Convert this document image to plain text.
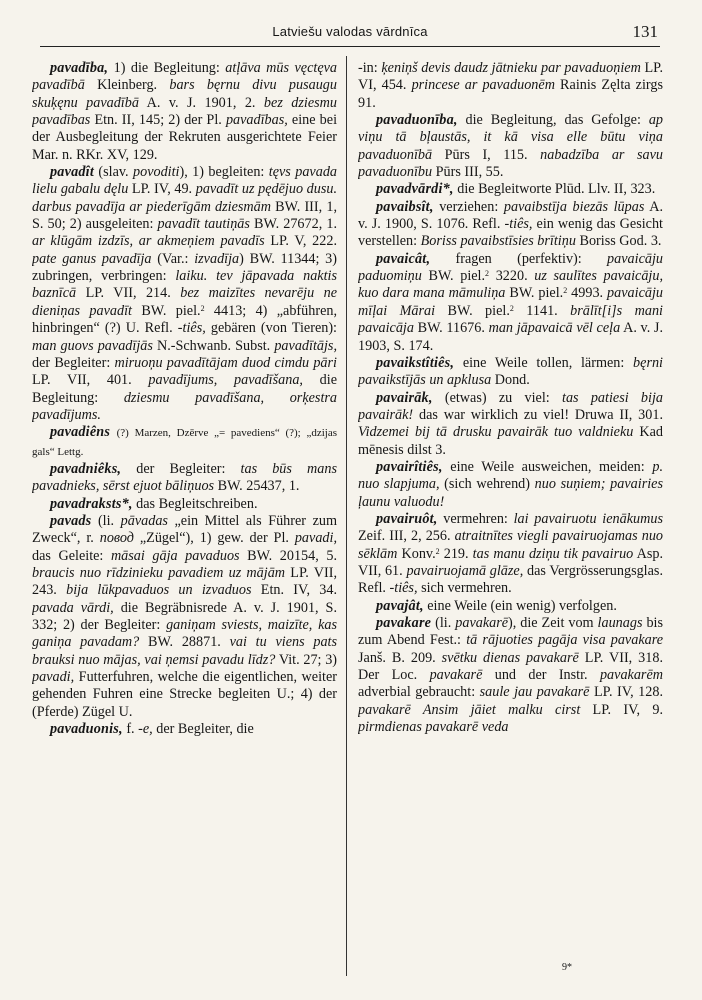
Latviešu valodas vārdnīca	131

pavadība, 1) die Begleitung: atļāva mūs vęctęva pavadībā Kleinberg. bars bęrnu divu pusaugu skuķęnu pavadībā A. v. J. 1901, 2. bez dziesmu pavadības Etn. II, 145; 2) der Pl. pavadības, eine bei der Ausbegleitung der Rekruten ausgerichtete Feier Mar. n. RKr. XV, 129.

pavadît (slav. povoditi), 1) begleiten: tęvs pavada lielu gabalu dęlu LP. IV, 49. pavadīt uz pędējuo dusu. darbus pavadīja ar piederīgām dziesmām BW. III, 1, S. 50; 2) ausgeleiten: pavadīt tautiņās BW. 27672, 1. ar klūgām izdzīs, ar akmeņiem pavadīs LP. V, 222. pate ganus pavadīja (Var.: izvadīja) BW. 11344; 3) zubringen, verbringen: laiku. tev jāpavada naktis baznīcā LP. VII, 214. bez maizītes nevarēju ne dieniņas pavadīt BW. piel.$^2$ 4413; 4) „abführen, hinbringen“ (?) U. Refl. -tiês, gebären (von Tieren): man guovs pavadījās N.-Schwanb. Subst. pavadītājs, der Begleiter: miruoņu pavadītājam duod cimdu pāri LP. VII, 401. pavadījums, pavadīšana, die Begleitung: dziesmu pavadīšana, orķestra pavadījums.

pavadiêns (?) Marzen, Dzērve „= pavediens“ (?); „dzijas gals“ Lettg.

pavadniêks, der Begleiter: tas būs mans pavadnieks, sērst ejuot bāliņuos BW. 25437, 1.

pavadraksts*, das Begleitschreiben.

pavads (li. pāvadas „ein Mittel als Führer zum Zweck“, r. повод „Zügel“), 1) gew. der Pl. pavadi, das Geleite: māsai gāja pavaduos BW. 20154, 5. braucis nuo rīdzinieku pavadiem uz mājām LP. VII, 243. bija lūkpavaduos un izvaduos Etn. IV, 34. pavada vārdi, die Begräbnisrede A. v. J. 1901, S. 332; 2) der Begleiter: ganiņam sviests, maizīte, kas ganiņa pavadam? BW. 28871. vai tu viens pats brauksi nuo mājas, vai ņemsi pavadu līdz? Vit. 27; 3) pavadi, Futterfuhren, welche die eigentlichen, weiter gehenden Fuhren eine Strecke begleiten U.; 4) der (Pferde) Zügel U.

pavaduonis, f. -e, der Begleiter, die

-in: ķeniņš devis daudz jātnieku par pavaduoņiem LP. VI, 454. princese ar pavaduonēm Rainis Zęlta zirgs 91.

pavaduonība, die Begleitung, das Gefolge: ap viņu tā bļaustās, it kā visa elle būtu viņa pavaduonībā Pūrs I, 115. nabadzība ar savu pavaduonību Pūrs III, 55.

pavadvārdi*, die Begleitworte Plūd. Llv. II, 323.

pavaibsît, verziehen: pavaibstīja biezās lūpas A. v. J. 1900, S. 1076. Refl. -tiês, ein wenig das Gesicht verstellen: Boriss pavaibstīsies brītiņu Boriss God. 3.

pavaicât, fragen (perfektiv): pavaicāju paduomiņu BW. piel.$^2$ 3220. uz saulītes pavaicāju, kuo dara mana māmuliņa BW. piel.$^2$ 4993. pavaicāju mīļai Mārai BW. piel.$^2$ 1141. brālīt[i]s mani pavaicāja BW. 11676. man jāpavaicā vēl ceļa A. v. J. 1903, S. 174.

pavaikstîtiês, eine Weile tollen, lärmen: bęrni pavaikstījās un apklusa Dond.

pavairāk, (etwas) zu viel: tas patiesi bija pavairāk! das war wirklich zu viel! Druwa II, 301. Vidzemei bij tā drusku pavairāk tuo valdnieku Kad mēnesis dilst 3.

pavairîtiês, eine Weile ausweichen, meiden: p. nuo slapjuma, (sich wehrend) nuo suņiem; pavairies ļaunu valuodu!

pavairuôt, vermehren: lai pavairuotu ienākumus Zeif. III, 2, 256. atraitnītes viegli pavairuojamas nuo sēklām Konv.$^2$ 219. tas manu dziņu tik pavairuo Asp. VII, 61. pavairuojamā glāze, das Vergrösserungsglas. Refl. -tiês, sich vermehren.

pavajât, eine Weile (ein wenig) verfolgen.

pavakare (li. pavakarē), die Zeit vom launags bis zum Abend Fest.: tā rājuoties pagāja visa pavakare Janš. B. 209. svētku dienas pavakarē LP. VII, 318. Der Loc. pavakarē und der Instr. pavakarēm adverbial gebraucht: saule jau pavakarē LP. IV, 128. pavakarē Ansim jāiet malku cirst LP. IV, 9. pirmdienas pavakarē veda

9*
